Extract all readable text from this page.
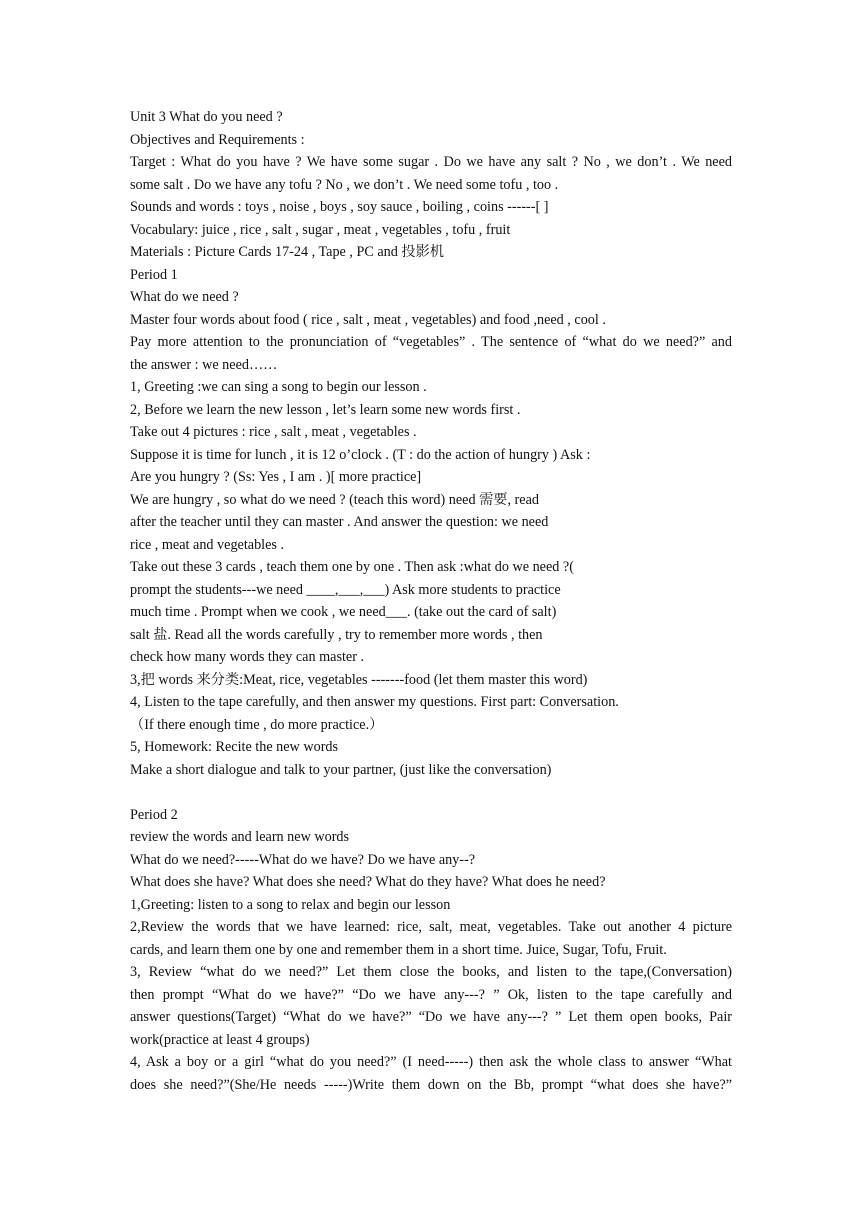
Unit 3 What do you need ?
Objectives and Requirements :
Target : What do you have ? We have some sugar . Do we have any salt ? No , we don’t . We need
some salt . Do we have any tofu ? No , we don’t . We need some tofu , too .
Sounds and words : toys , noise , boys , soy sauce , boiling , coins ------[ ]
Vocabulary: juice , rice , salt , sugar , meat , vegetables , tofu , fruit
Materials : Picture Cards 17-24 , Tape , PC and 投影机
Period 1
What do we need ?
Master four words about food ( rice , salt , meat , vegetables) and food ,need , cool .
Pay more attention to the pronunciation of “vegetables” . The sentence of “what do we need?” and
the answer : we need……
1, Greeting :we can sing a song to begin our lesson .
2, Before we learn the new lesson , let’s learn some new words first .
Take out 4 pictures : rice , salt , meat , vegetables .
Suppose it is time for lunch , it is 12 o’clock . (T : do the action of hungry ) Ask :
Are you hungry ? (Ss: Yes , I am . )[ more practice]
We are hungry , so what do we need ? (teach this word) need 需要, read
after the teacher until they can master . And answer the question: we need
rice , meat and vegetables .
Take out these 3 cards , teach them one by one . Then ask :what do we need ?(
prompt the students---we need ____,___,___) Ask more students to practice
much time . Prompt when we cook , we need___. (take out the card of salt)
salt 盐. Read all the words carefully , try to remember more words , then
check how many words they can master .
3,把 words 来分类:Meat, rice, vegetables -------food (let them master this word)
4, Listen to the tape carefully, and then answer my questions. First part: Conversation.
（If there enough time , do more practice.）
5, Homework: Recite the new words
Make a short dialogue and talk to your partner, (just like the conversation)
Period 2
review the words and learn new words
What do we need?-----What do we have? Do we have any--?
What does she have? What does she need? What do they have? What does he need?
1,Greeting: listen to a song to relax and begin our lesson
2,Review the words that we have learned: rice, salt, meat, vegetables. Take out another 4 picture
cards, and learn them one by one and remember them in a short time. Juice, Sugar, Tofu, Fruit.
3, Review “what do we need?” Let them close the books, and listen to the tape,(Conversation)
then prompt “What do we have?” “Do we have any---? ” Ok, listen to the tape carefully and
answer questions(Target) “What do we have?” “Do we have any---? ” Let them open books, Pair
work(practice at least 4 groups)
4, Ask a boy or a girl “what do you need?” (I need-----) then ask the whole class to answer “What
does she need?”(She/He needs -----)Write them down on the Bb, prompt “what does she have?”
